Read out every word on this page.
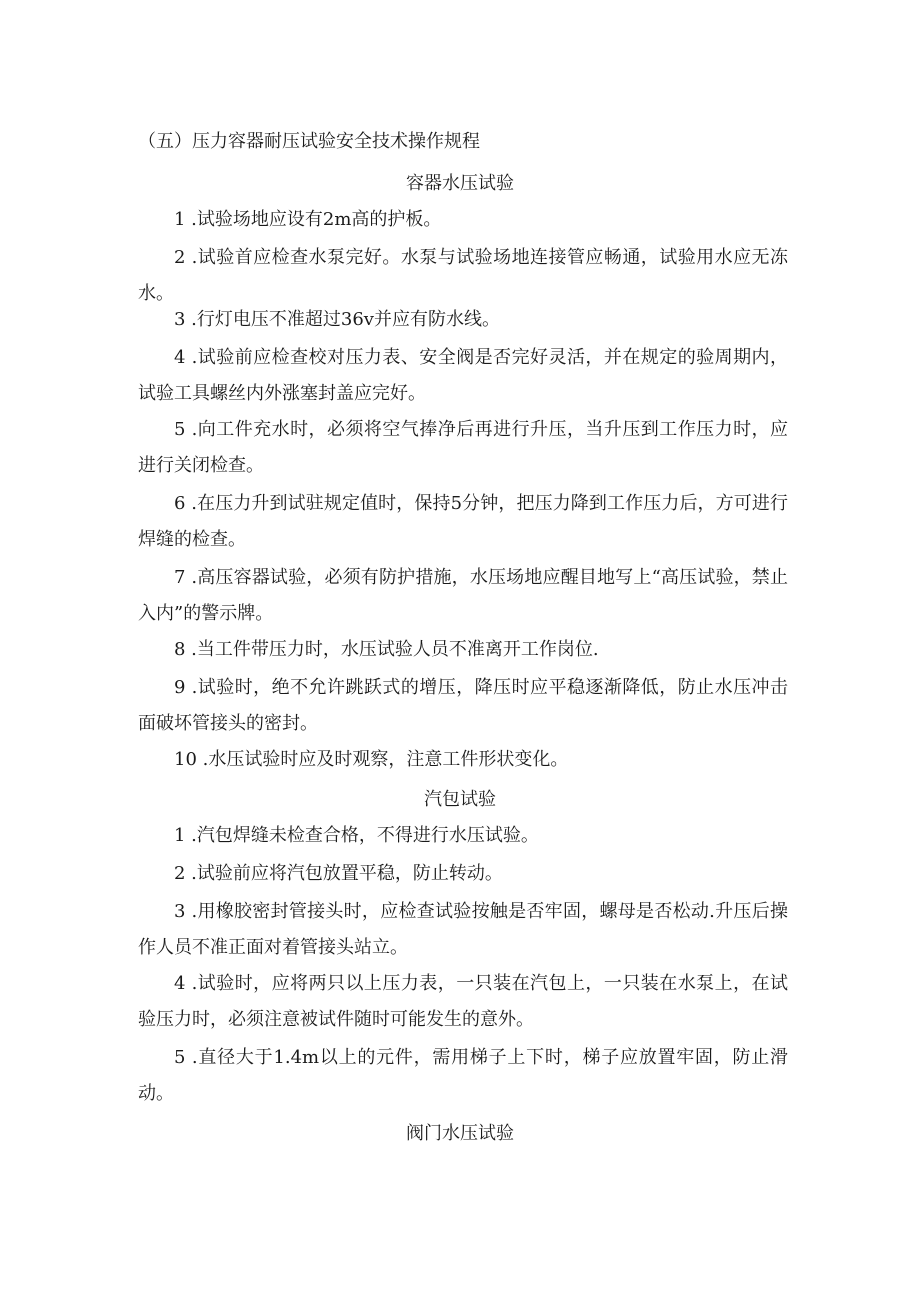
（五）压力容器耐压试验安全技术操作规程
容器水压试验
1 .试验场地应设有2m高的护板。
2 .试验首应检查水泵完好。水泵与试验场地连接管应畅通，试验用水应无冻水。
3 .行灯电压不准超过36v并应有防水线。
4 .试验前应检查校对压力表、安全阀是否完好灵活，并在规定的验周期内，试验工具螺丝内外涨塞封盖应完好。
5 .向工件充水时，必须将空气捧净后再进行升压，当升压到工作压力时，应进行关闭检查。
6 .在压力升到试驻规定值时，保持5分钟，把压力降到工作压力后，方可进行焊缝的检查。
7 .高压容器试验，必须有防护措施，水压场地应醒目地写上“高压试验，禁止入内”的警示牌。
8 .当工件带压力时，水压试验人员不准离开工作岗位.
9 .试验时，绝不允许跳跃式的增压，降压时应平稳逐渐降低，防止水压冲击面破坏管接头的密封。
10 .水压试验时应及时观察，注意工件形状变化。
汽包试验
1 .汽包焊缝未检查合格，不得进行水压试验。
2 .试验前应将汽包放置平稳，防止转动。
3 .用橡胶密封管接头时，应检查试验按触是否牢固，螺母是否松动.升压后操作人员不准正面对着管接头站立。
4 .试验时，应将两只以上压力表，一只装在汽包上，一只装在水泵上，在试验压力时，必须注意被试件随时可能发生的意外。
5 .直径大于1.4m以上的元件，需用梯子上下时，梯子应放置牢固，防止滑动。
阀门水压试验
